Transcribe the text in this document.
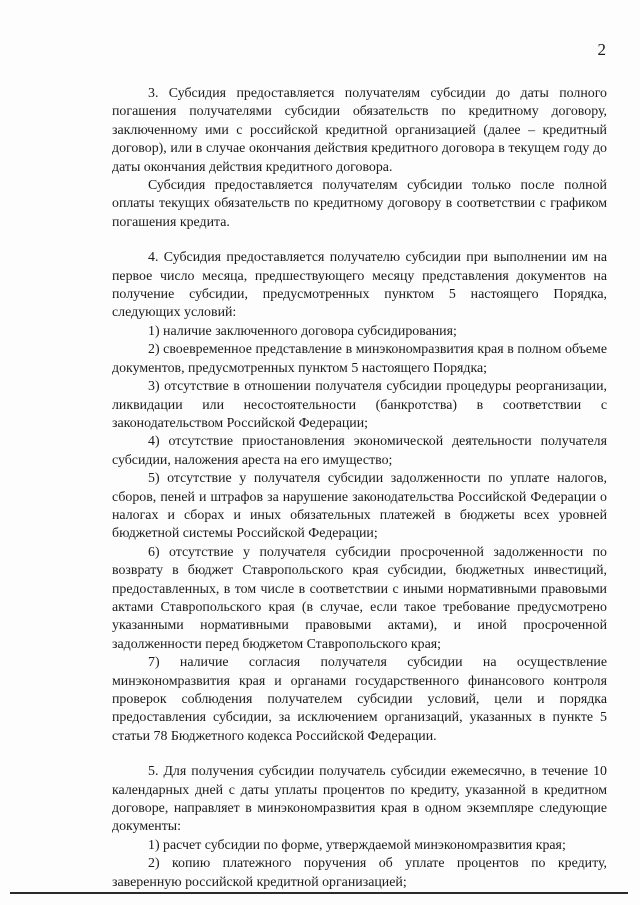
2

3. Субсидия предоставляется получателям субсидии до даты полного погашения получателями субсидии обязательств по кредитному договору, заключенному ими с российской кредитной организацией (далее – кредитный договор), или в случае окончания действия кредитного договора в текущем году до даты окончания действия кредитного договора.

Субсидия предоставляется получателям субсидии только после полной оплаты текущих обязательств по кредитному договору в соответствии с графиком погашения кредита.

4. Субсидия предоставляется получателю субсидии при выполнении им на первое число месяца, предшествующего месяцу представления документов на получение субсидии, предусмотренных пунктом 5 настоящего Порядка, следующих условий:

1) наличие заключенного договора субсидирования;

2) своевременное представление в минэкономразвития края в полном объеме документов, предусмотренных пунктом 5 настоящего Порядка;

3) отсутствие в отношении получателя субсидии процедуры реорганизации, ликвидации или несостоятельности (банкротства) в соответствии с законодательством Российской Федерации;

4) отсутствие приостановления экономической деятельности получателя субсидии, наложения ареста на его имущество;

5) отсутствие у получателя субсидии задолженности по уплате налогов, сборов, пеней и штрафов за нарушение законодательства Российской Федерации о налогах и сборах и иных обязательных платежей в бюджеты всех уровней бюджетной системы Российской Федерации;

6) отсутствие у получателя субсидии просроченной задолженности по возврату в бюджет Ставропольского края субсидии, бюджетных инвестиций, предоставленных, в том числе в соответствии с иными нормативными правовыми актами Ставропольского края (в случае, если такое требование предусмотрено указанными нормативными правовыми актами), и иной просроченной задолженности перед бюджетом Ставропольского края;

7) наличие согласия получателя субсидии на осуществление минэкономразвития края и органами государственного финансового контроля проверок соблюдения получателем субсидии условий, цели и порядка предоставления субсидии, за исключением организаций, указанных в пункте 5 статьи 78 Бюджетного кодекса Российской Федерации.

5. Для получения субсидии получатель субсидии ежемесячно, в течение 10 календарных дней с даты уплаты процентов по кредиту, указанной в кредитном договоре, направляет в минэкономразвития края в одном экземпляре следующие документы:

1) расчет субсидии по форме, утверждаемой минэкономразвития края;

2) копию платежного поручения об уплате процентов по кредиту, заверенную российской кредитной организацией;
